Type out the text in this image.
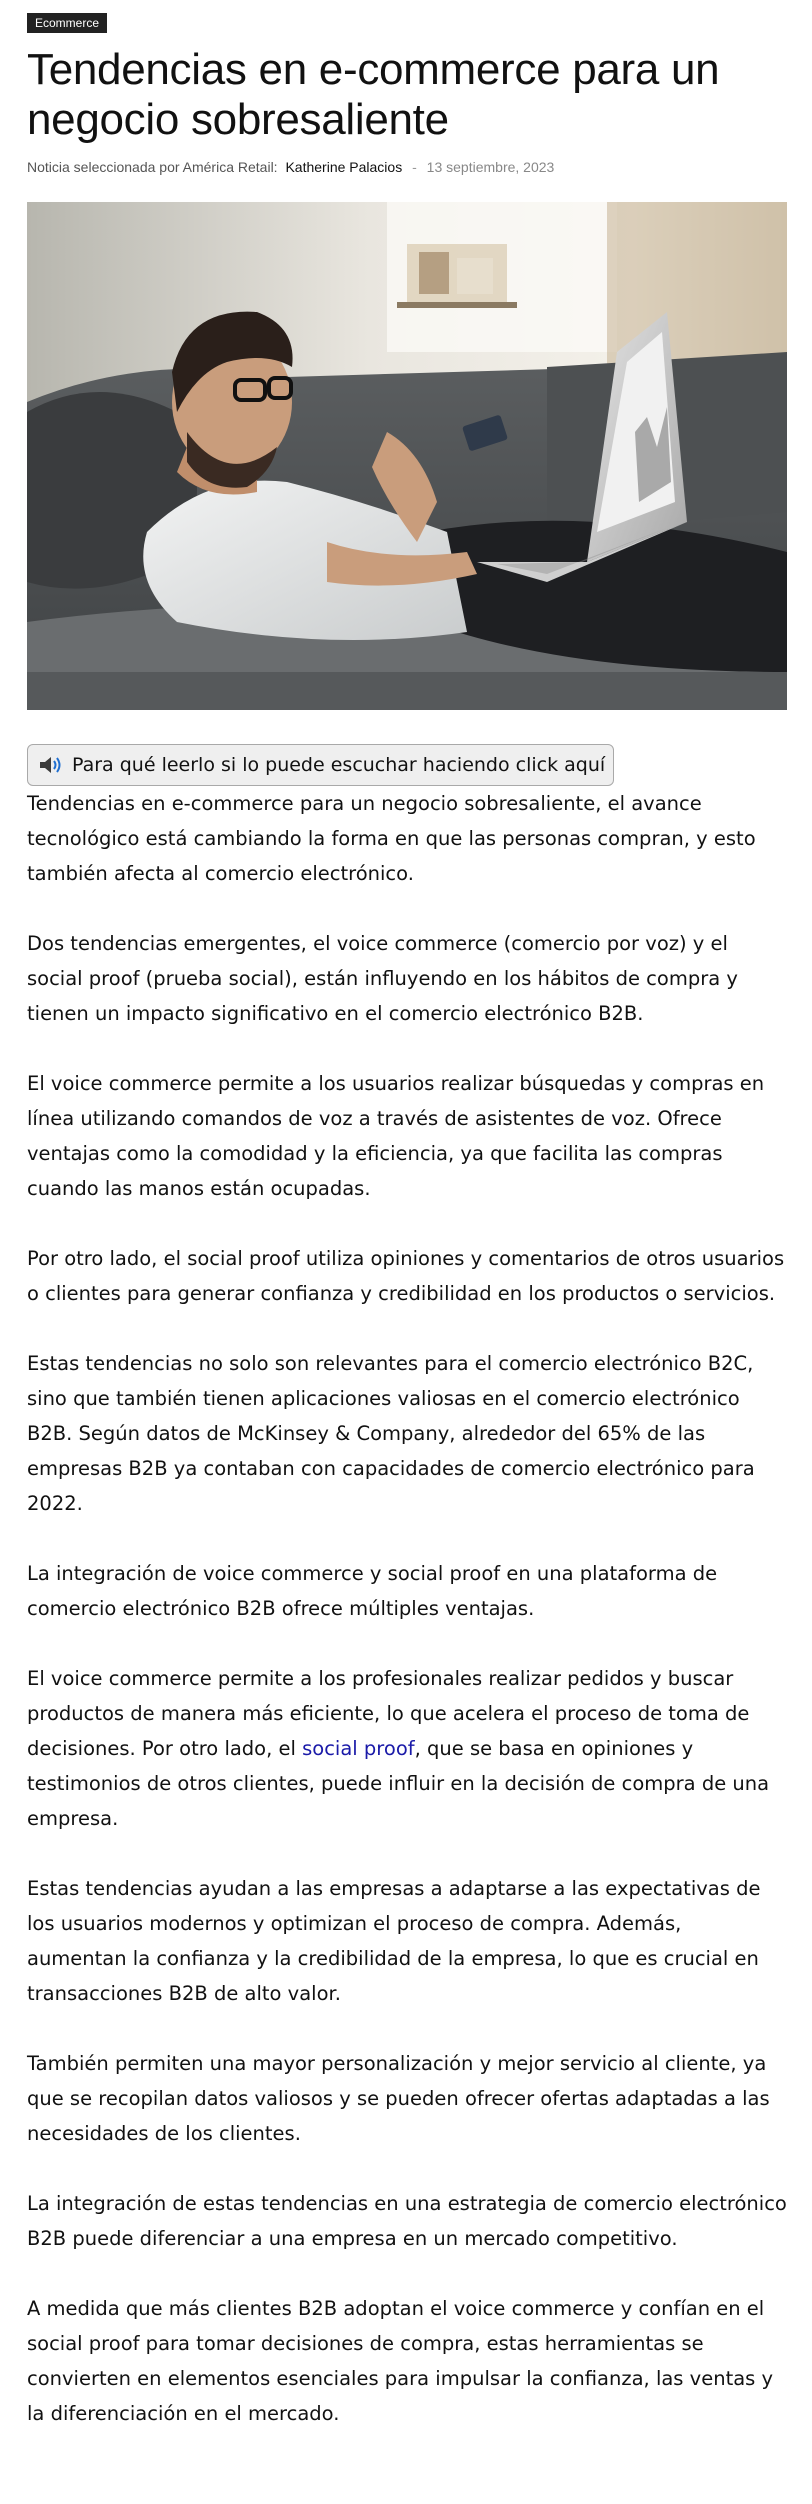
Ecommerce
Tendencias en e-commerce para un negocio sobresaliente
Noticia seleccionada por América Retail: Katherine Palacios - 13 septiembre, 2023
Para qué leerlo si lo puede escuchar haciendo click aquí

Tendencias en e-commerce para un negocio sobresaliente, el avance tecnológico está cambiando la forma en que las personas compran, y esto también afecta al comercio electrónico.

Dos tendencias emergentes, el voice commerce (comercio por voz) y el social proof (prueba social), están influyendo en los hábitos de compra y tienen un impacto significativo en el comercio electrónico B2B.

El voice commerce permite a los usuarios realizar búsquedas y compras en línea utilizando comandos de voz a través de asistentes de voz. Ofrece ventajas como la comodidad y la eficiencia, ya que facilita las compras cuando las manos están ocupadas.

Por otro lado, el social proof utiliza opiniones y comentarios de otros usuarios o clientes para generar confianza y credibilidad en los productos o servicios.

Estas tendencias no solo son relevantes para el comercio electrónico B2C, sino que también tienen aplicaciones valiosas en el comercio electrónico B2B. Según datos de McKinsey & Company, alrededor del 65% de las empresas B2B ya contaban con capacidades de comercio electrónico para 2022.

La integración de voice commerce y social proof en una plataforma de comercio electrónico B2B ofrece múltiples ventajas.

El voice commerce permite a los profesionales realizar pedidos y buscar productos de manera más eficiente, lo que acelera el proceso de toma de decisiones. Por otro lado, el social proof, que se basa en opiniones y testimonios de otros clientes, puede influir en la decisión de compra de una empresa.

Estas tendencias ayudan a las empresas a adaptarse a las expectativas de los usuarios modernos y optimizan el proceso de compra. Además, aumentan la confianza y la credibilidad de la empresa, lo que es crucial en transacciones B2B de alto valor.

También permiten una mayor personalización y mejor servicio al cliente, ya que se recopilan datos valiosos y se pueden ofrecer ofertas adaptadas a las necesidades de los clientes.

La integración de estas tendencias en una estrategia de comercio electrónico B2B puede diferenciar a una empresa en un mercado competitivo.

A medida que más clientes B2B adoptan el voice commerce y confían en el social proof para tomar decisiones de compra, estas herramientas se convierten en elementos esenciales para impulsar la confianza, las ventas y la diferenciación en el mercado.
